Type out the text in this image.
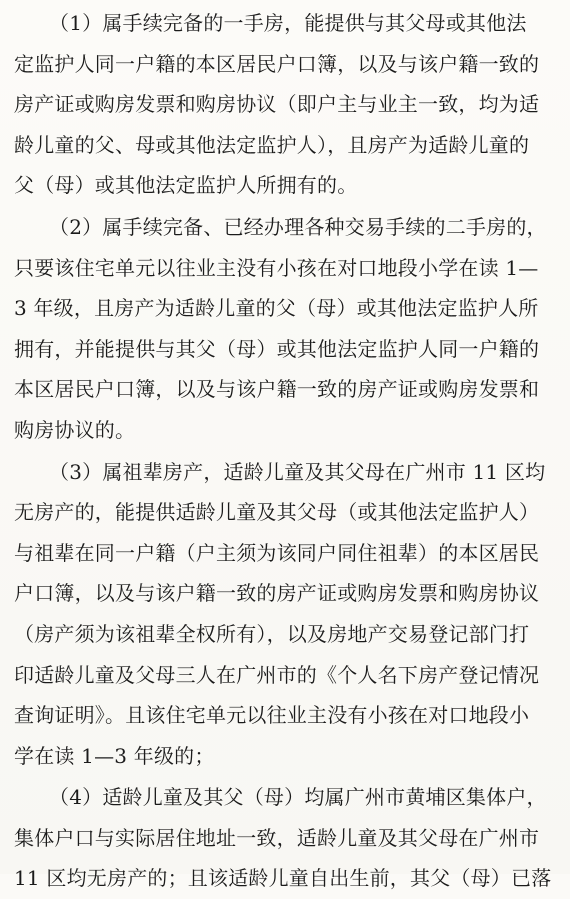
（1）属手续完备的一手房，能提供与其父母或其他法
定监护人同一户籍的本区居民户口簿，以及与该户籍一致的
房产证或购房发票和购房协议（即户主与业主一致，均为适
龄儿童的父、母或其他法定监护人），且房产为适龄儿童的
父（母）或其他法定监护人所拥有的。
（2）属手续完备、已经办理各种交易手续的二手房的，
只要该住宅单元以往业主没有小孩在对口地段小学在读 1—
3 年级，且房产为适龄儿童的父（母）或其他法定监护人所
拥有，并能提供与其父（母）或其他法定监护人同一户籍的
本区居民户口簿，以及与该户籍一致的房产证或购房发票和
购房协议的。
（3）属祖辈房产，适龄儿童及其父母在广州市 11 区均
无房产的，能提供适龄儿童及其父母（或其他法定监护人）
与祖辈在同一户籍（户主须为该同户同住祖辈）的本区居民
户口簿，以及与该户籍一致的房产证或购房发票和购房协议
（房产须为该祖辈全权所有），以及房地产交易登记部门打
印适龄儿童及父母三人在广州市的《个人名下房产登记情况
查询证明》。且该住宅单元以往业主没有小孩在对口地段小
学在读 1—3 年级的；
（4）适龄儿童及其父（母）均属广州市黄埔区集体户，
集体户口与实际居住地址一致，适龄儿童及其父母在广州市
11 区均无房产的；且该适龄儿童自出生前，其父（母）已落
